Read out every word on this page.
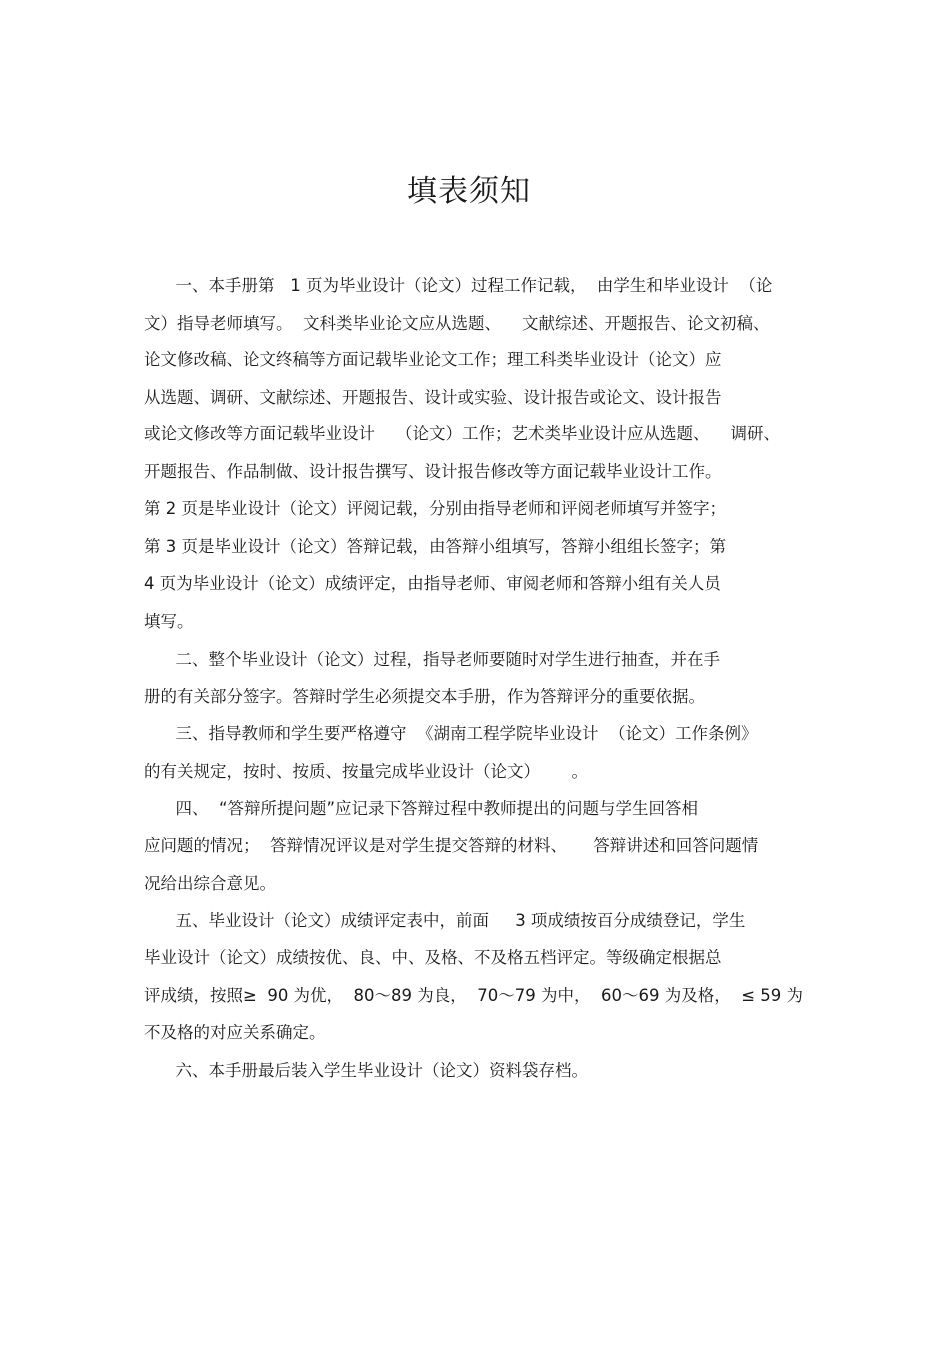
填表须知
一、本手册第   1 页为毕业设计（论文）过程工作记载，  由学生和毕业设计  （论
文）指导老师填写。  文科类毕业论文应从选题、    文献综述、开题报告、论文初稿、
论文修改稿、论文终稿等方面记载毕业论文工作；理工科类毕业设计（论文）应
从选题、调研、文献综述、开题报告、设计或实验、设计报告或论文、设计报告
或论文修改等方面记载毕业设计    （论文）工作；艺术类毕业设计应从选题、    调研、
开题报告、作品制做、设计报告撰写、设计报告修改等方面记载毕业设计工作。
第 2 页是毕业设计（论文）评阅记载，分别由指导老师和评阅老师填写并签字；
第 3 页是毕业设计（论文）答辩记载，由答辩小组填写，答辩小组组长签字；第
4 页为毕业设计（论文）成绩评定，由指导老师、审阅老师和答辩小组有关人员
填写。
二、整个毕业设计（论文）过程，指导老师要随时对学生进行抽查，并在手
册的有关部分签字。答辩时学生必须提交本手册，作为答辩评分的重要依据。
三、指导教师和学生要严格遵守  《湖南工程学院毕业设计  （论文）工作条例》
的有关规定，按时、按质、按量完成毕业设计（论文）      。
四、  “答辩所提问题”应记录下答辩过程中教师提出的问题与学生回答相
应问题的情况；  答辩情况评议是对学生提交答辩的材料、     答辩讲述和回答问题情
况给出综合意见。
五、毕业设计（论文）成绩评定表中，前面     3 项成绩按百分成绩登记，学生
毕业设计（论文）成绩按优、良、中、及格、不及格五档评定。等级确定根据总
评成绩，按照≥  90 为优，  80～89 为良，  70～79 为中，  60～69 为及格，  ≤ 59 为
不及格的对应关系确定。
六、本手册最后装入学生毕业设计（论文）资料袋存档。
